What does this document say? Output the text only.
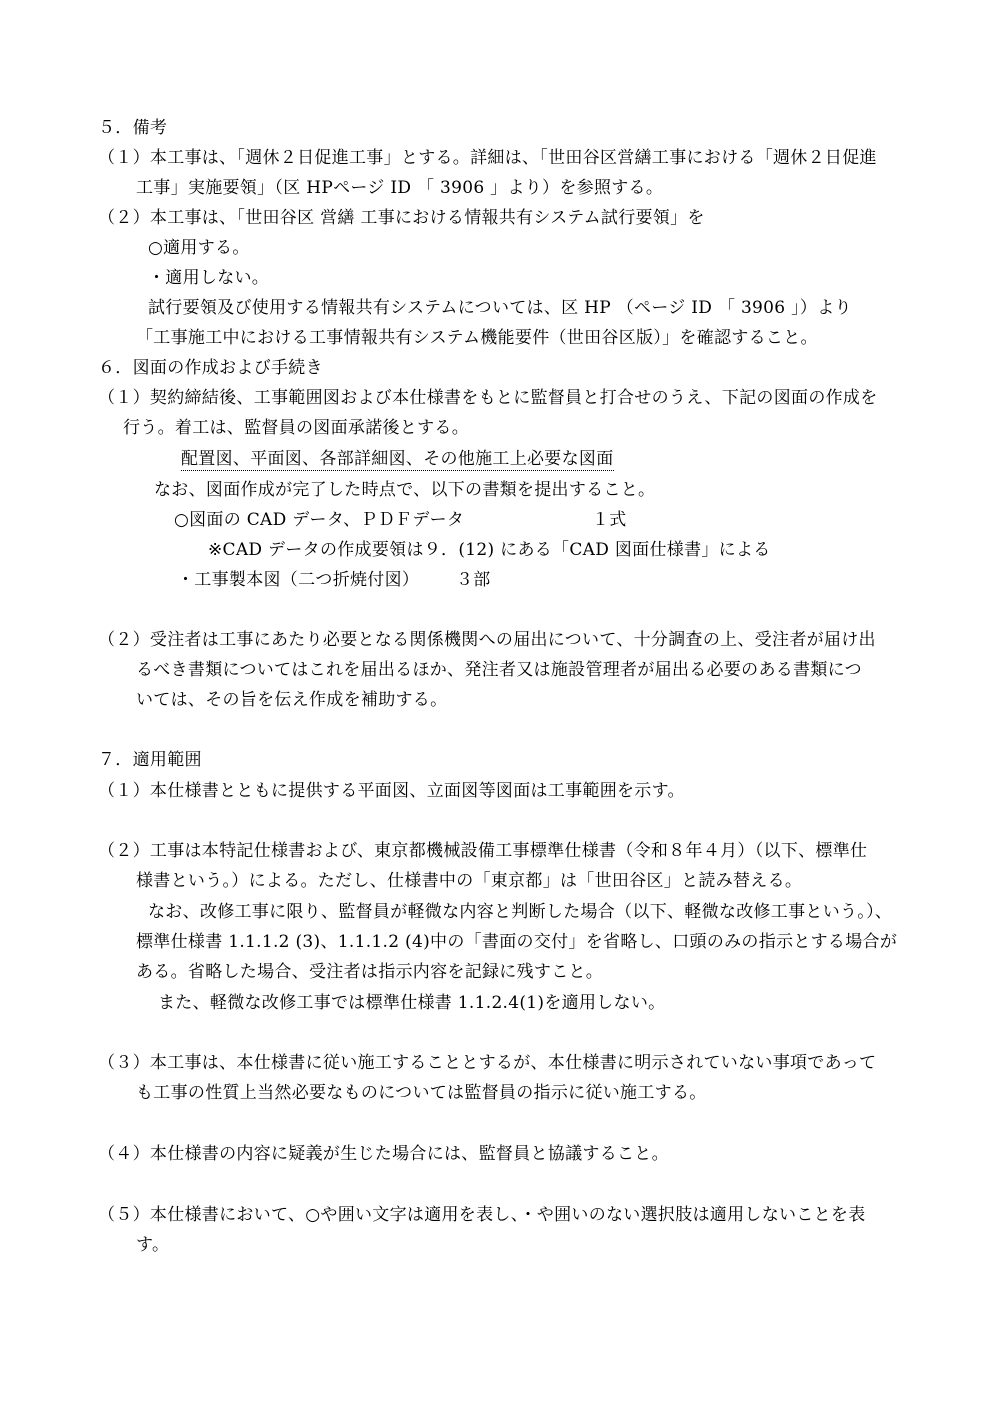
５．備考
（１）本工事は、「週休２日促進工事」とする。詳細は、「世田谷区営繕工事における「週休２日促進
工事」実施要領」（区 HPページ ID 「 3906 」より）を参照する。
（２）本工事は、「世田谷区 営繕 工事における情報共有システム試行要領」を
○適用する。
・適用しない。
試行要領及び使用する情報共有システムについては、区 HP （ページ ID 「 3906 」）より
「工事施工中における工事情報共有システム機能要件（世田谷区版）」を確認すること。
６．図面の作成および手続き
（１）契約締結後、工事範囲図および本仕様書をもとに監督員と打合せのうえ、下記の図面の作成を
行う。着工は、監督員の図面承諾後とする。
配置図、平面図、各部詳細図、その他施工上必要な図面
なお、図面作成が完了した時点で、以下の書類を提出すること。
○図面の CAD データ、ＰＤＦデータ	１式
※CAD データの作成要領は９．(12) にある「CAD 図面仕様書」による
・工事製本図（二つ折焼付図） ３部
（２）受注者は工事にあたり必要となる関係機関への届出について、十分調査の上、受注者が届け出
るべき書類についてはこれを届出るほか、発注者又は施設管理者が届出る必要のある書類につ
いては、その旨を伝え作成を補助する。
７．適用範囲
（１）本仕様書とともに提供する平面図、立面図等図面は工事範囲を示す。
（２）工事は本特記仕様書および、東京都機械設備工事標準仕様書（令和８年４月）（以下、標準仕
様書という。）による。ただし、仕様書中の「東京都」は「世田谷区」と読み替える。
なお、改修工事に限り、監督員が軽微な内容と判断した場合（以下、軽微な改修工事という。）、
標準仕様書 1.1.1.2 (3)、1.1.1.2 (4)中の「書面の交付」を省略し、口頭のみの指示とする場合が
ある。省略した場合、受注者は指示内容を記録に残すこと。
また、軽微な改修工事では標準仕様書 1.1.2.4(1)を適用しない。
（３）本工事は、本仕様書に従い施工することとするが、本仕様書に明示されていない事項であって
も工事の性質上当然必要なものについては監督員の指示に従い施工する。
（４）本仕様書の内容に疑義が生じた場合には、監督員と協議すること。
（５）本仕様書において、○や囲い文字は適用を表し、・や囲いのない選択肢は適用しないことを表
す。
